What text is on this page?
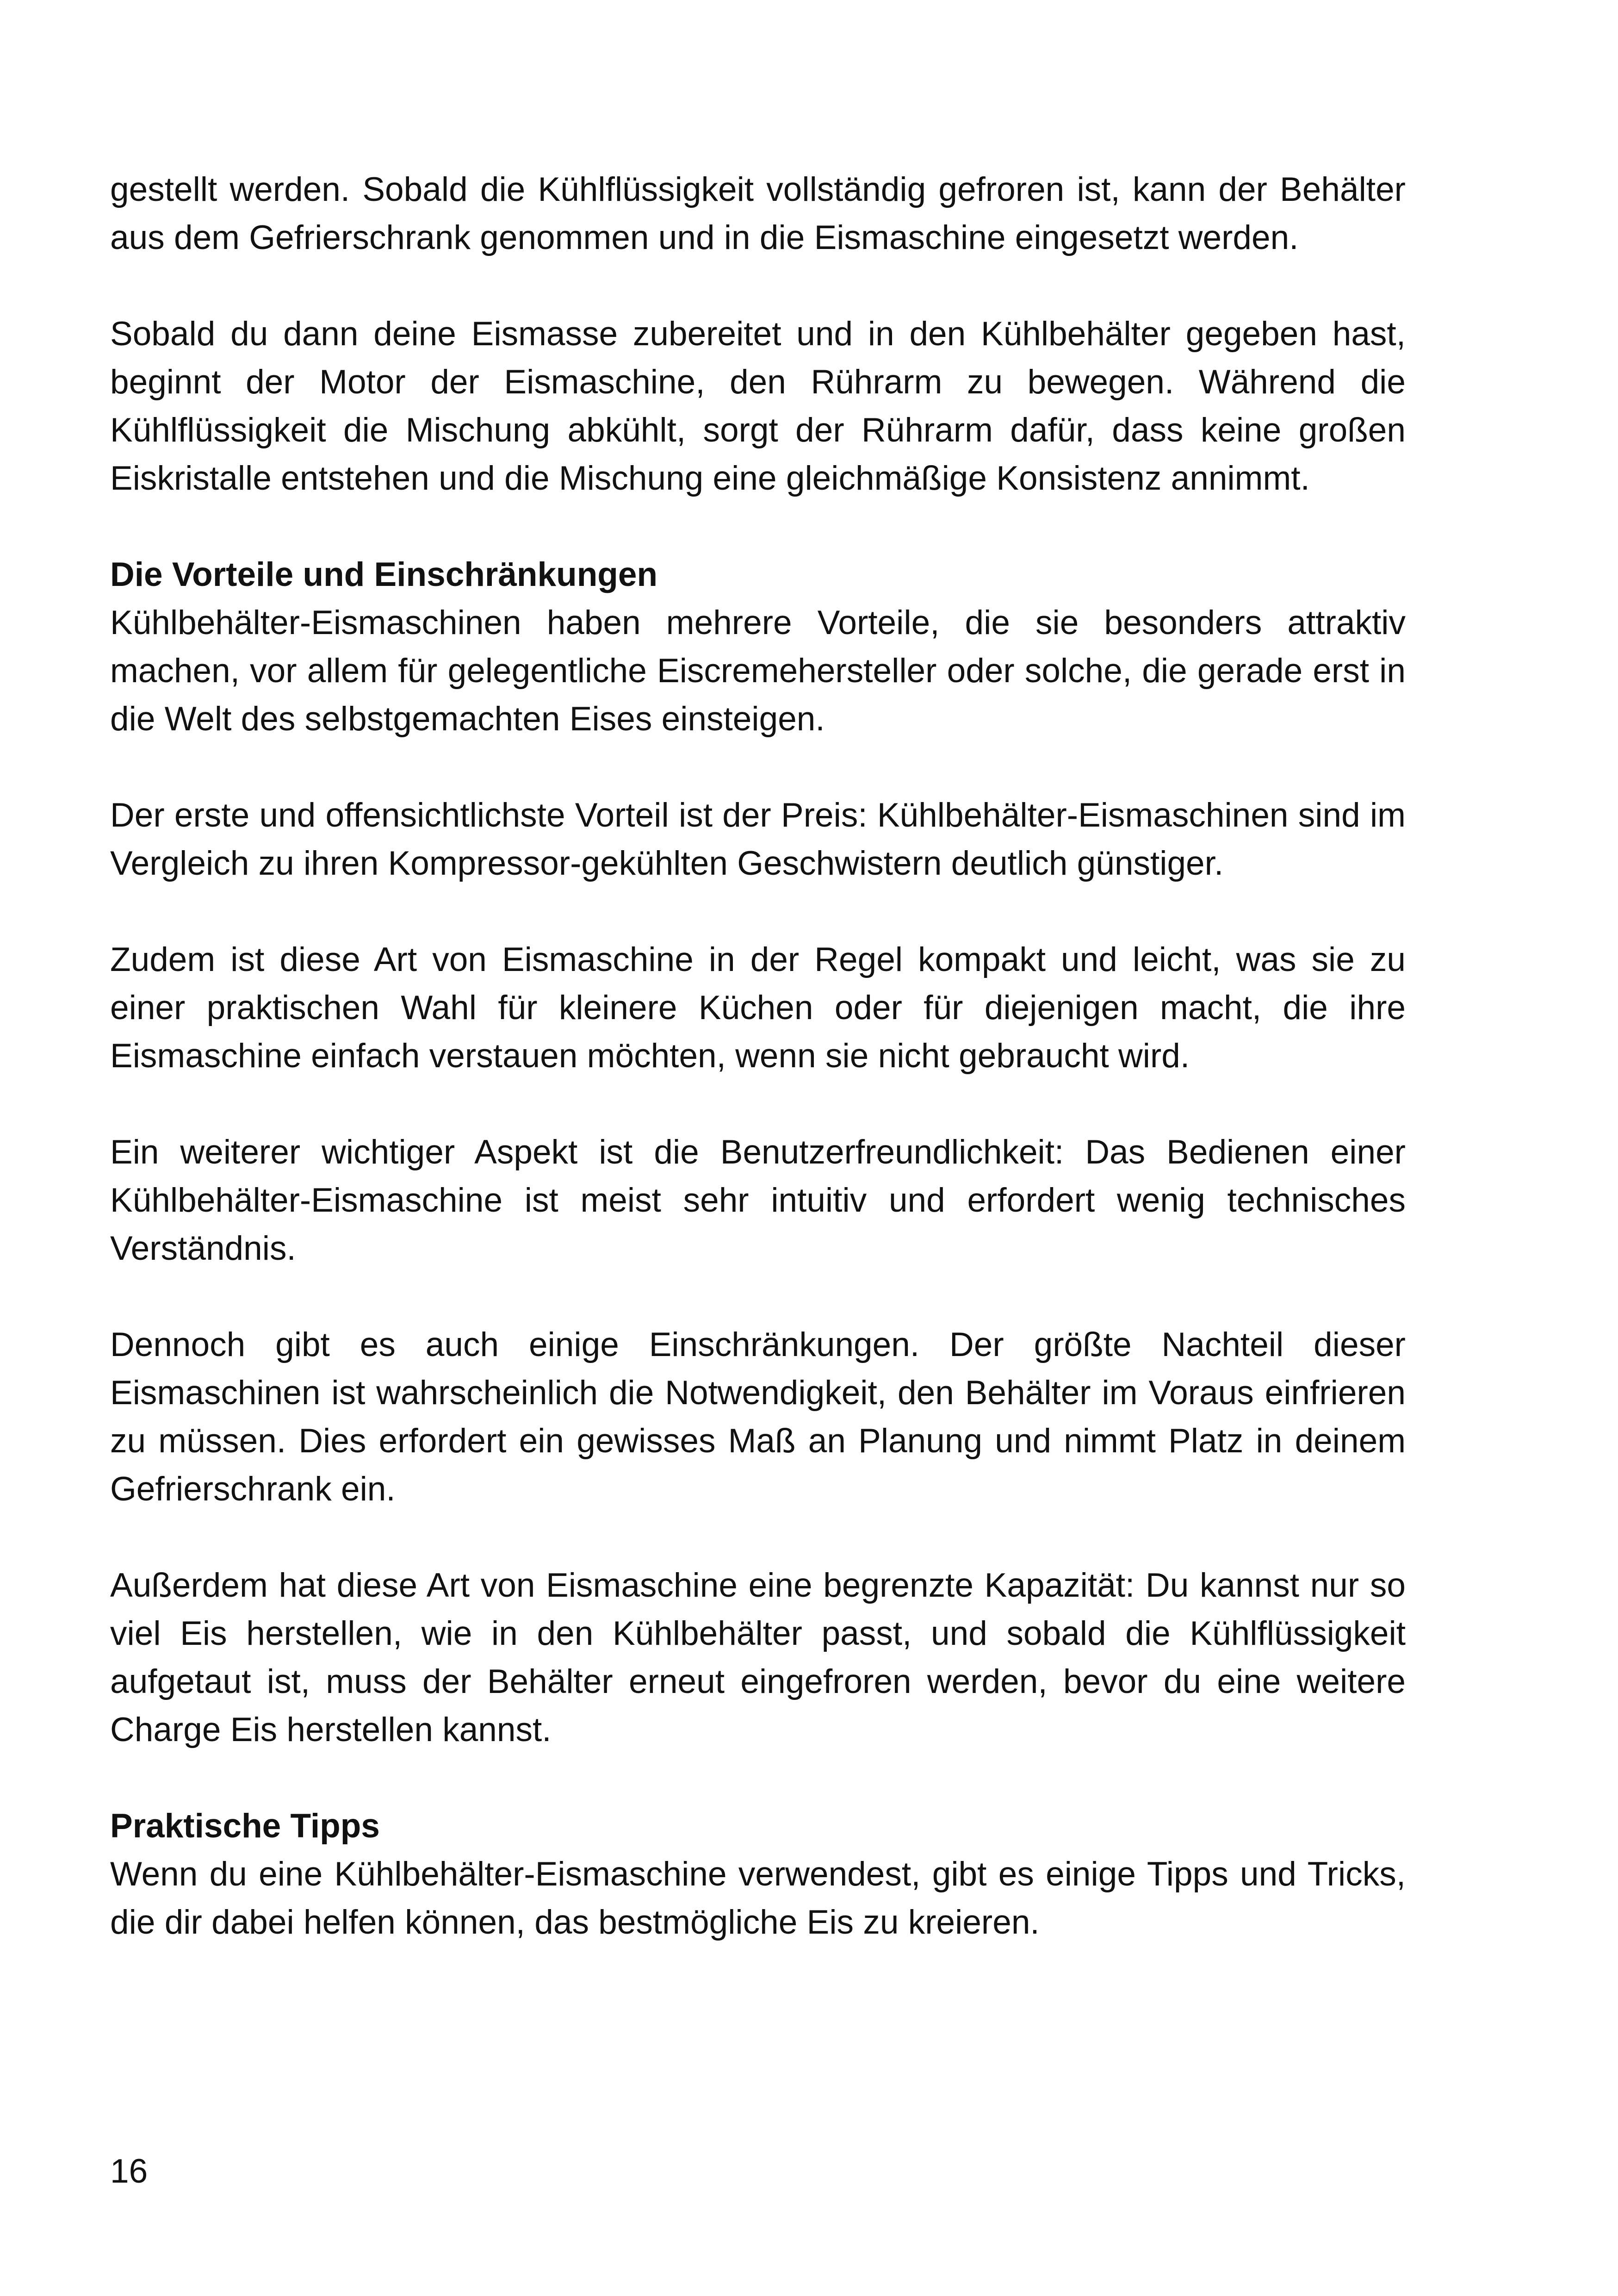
gestellt werden. Sobald die Kühlflüssigkeit vollständig gefroren ist, kann der Behälter aus dem Gefrierschrank genommen und in die Eismaschine eingesetzt werden.

Sobald du dann deine Eismasse zubereitet und in den Kühlbehälter gegeben hast, beginnt der Motor der Eismaschine, den Rührarm zu bewegen. Während die Kühlflüssigkeit die Mischung abkühlt, sorgt der Rührarm dafür, dass keine großen Eiskristalle entstehen und die Mischung eine gleichmäßige Konsistenz annimmt.

Die Vorteile und Einschränkungen

Kühlbehälter-Eismaschinen haben mehrere Vorteile, die sie besonders attraktiv machen, vor allem für gelegentliche Eiscremehersteller oder solche, die gerade erst in die Welt des selbstgemachten Eises einsteigen.

Der erste und offensichtlichste Vorteil ist der Preis: Kühlbehälter-Eismaschinen sind im Vergleich zu ihren Kompressor-gekühlten Geschwistern deutlich günstiger.

Zudem ist diese Art von Eismaschine in der Regel kompakt und leicht, was sie zu einer praktischen Wahl für kleinere Küchen oder für diejenigen macht, die ihre Eismaschine einfach verstauen möchten, wenn sie nicht gebraucht wird.

Ein weiterer wichtiger Aspekt ist die Benutzerfreundlichkeit: Das Bedienen einer Kühlbehälter-Eismaschine ist meist sehr intuitiv und erfordert wenig technisches Verständnis.

Dennoch gibt es auch einige Einschränkungen. Der größte Nachteil dieser Eismaschinen ist wahrscheinlich die Notwendigkeit, den Behälter im Voraus einfrieren zu müssen. Dies erfordert ein gewisses Maß an Planung und nimmt Platz in deinem Gefrierschrank ein.

Außerdem hat diese Art von Eismaschine eine begrenzte Kapazität: Du kannst nur so viel Eis herstellen, wie in den Kühlbehälter passt, und sobald die Kühlflüssigkeit aufgetaut ist, muss der Behälter erneut eingefroren werden, bevor du eine weitere Charge Eis herstellen kannst.

Praktische Tipps

Wenn du eine Kühlbehälter-Eismaschine verwendest, gibt es einige Tipps und Tricks, die dir dabei helfen können, das bestmögliche Eis zu kreieren.

16
